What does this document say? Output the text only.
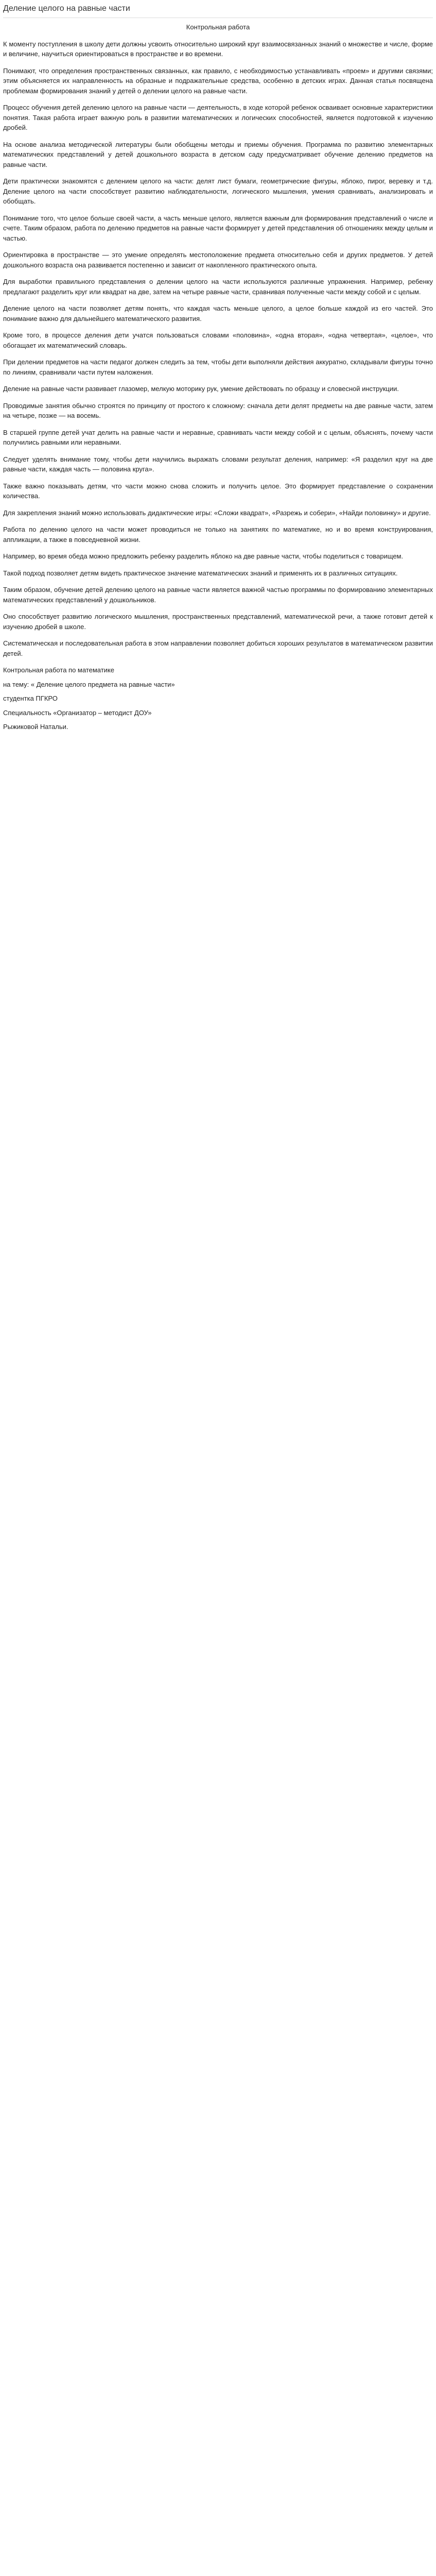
Деление целого на равные части

Контрольная работа

К моменту поступления в школу дети должны усвоить относительно широкий круг взаимосвязанных знаний о множестве и числе, форме и величине, научиться ориентироваться в пространстве и во времени.

Понимают, что определения пространственных связанных, как правило, с необходимостью устанавливать «проем» и другими связями; этим объясняется их направленность на образные и подражательные средства, особенно в детских играх. Данная статья посвящена проблемам формирования знаний у детей о делении целого на равные части.

Процесс обучения детей делению целого на равные части — деятельность, в ходе которой ребенок осваивает основные характеристики понятия. Такая работа играет важную роль в развитии математических и логических способностей, является подготовкой к изучению дробей.

На основе анализа методической литературы были обобщены методы и приемы обучения. Программа по развитию элементарных математических представлений у детей дошкольного возраста в детском саду предусматривает обучение делению предметов на равные части.

Дети практически знакомятся с делением целого на части: делят лист бумаги, геометрические фигуры, яблоко, пирог, веревку и т.д. Деление целого на части способствует развитию наблюдательности, логического мышления, умения сравнивать, анализировать и обобщать.

Понимание того, что целое больше своей части, а часть меньше целого, является важным для формирования представлений о числе и счете. Таким образом, работа по делению предметов на равные части формирует у детей представления об отношениях между целым и частью.

Ориентировка в пространстве — это умение определять местоположение предмета относительно себя и других предметов. У детей дошкольного возраста она развивается постепенно и зависит от накопленного практического опыта.

Для выработки правильного представления о делении целого на части используются различные упражнения. Например, ребенку предлагают разделить круг или квадрат на две, затем на четыре равные части, сравнивая полученные части между собой и с целым.

Деление целого на части позволяет детям понять, что каждая часть меньше целого, а целое больше каждой из его частей. Это понимание важно для дальнейшего математического развития.

Кроме того, в процессе деления дети учатся пользоваться словами «половина», «одна вторая», «одна четвертая», «целое», что обогащает их математический словарь.

При делении предметов на части педагог должен следить за тем, чтобы дети выполняли действия аккуратно, складывали фигуры точно по линиям, сравнивали части путем наложения.

Деление на равные части развивает глазомер, мелкую моторику рук, умение действовать по образцу и словесной инструкции.

Проводимые занятия обычно строятся по принципу от простого к сложному: сначала дети делят предметы на две равные части, затем на четыре, позже — на восемь.

В старшей группе детей учат делить на равные части и неравные, сравнивать части между собой и с целым, объяснять, почему части получились равными или неравными.

Следует уделять внимание тому, чтобы дети научились выражать словами результат деления, например: «Я разделил круг на две равные части, каждая часть — половина круга».

Также важно показывать детям, что части можно снова сложить и получить целое. Это формирует представление о сохранении количества.

Для закрепления знаний можно использовать дидактические игры: «Сложи квадрат», «Разрежь и собери», «Найди половинку» и другие.

Работа по делению целого на части может проводиться не только на занятиях по математике, но и во время конструирования, аппликации, а также в повседневной жизни.

Например, во время обеда можно предложить ребенку разделить яблоко на две равные части, чтобы поделиться с товарищем.

Такой подход позволяет детям видеть практическое значение математических знаний и применять их в различных ситуациях.

Таким образом, обучение детей делению целого на равные части является важной частью программы по формированию элементарных математических представлений у дошкольников.

Оно способствует развитию логического мышления, пространственных представлений, математической речи, а также готовит детей к изучению дробей в школе.

Систематическая и последовательная работа в этом направлении позволяет добиться хороших результатов в математическом развитии детей.

Контрольная работа по математике

на тему: « Деление целого предмета на равные части»

студентка ПГКРО

Специальность «Организатор – методист ДОУ»

Рыжиковой Натальи.
